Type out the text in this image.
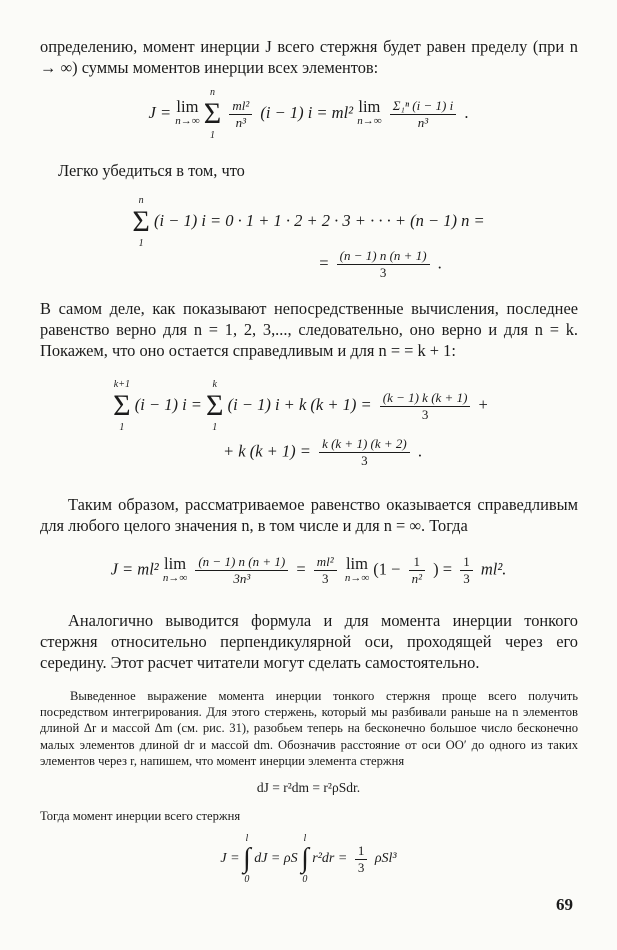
определению, момент инерции J всего стержня будет равен пределу (при n → ∞) суммы моментов инерции всех элементов:
J = lim
n→∞

n
Σ
1

$\frac{\text{ml²}}{\text{n³}} (i - 1) i = ml^2$ lim
n→∞
$\frac{\text{Σ₁ⁿ (i − 1) i}}{\text{n³}}$ .
Легко убедиться в том, что
n
Σ
1
(i − 1) i = 0 · 1 + 1 · 2 + 2 · 3 + · · · + (n − 1) n =
= $\frac{(n - 1) n (n + 1)}{3}$ .
В самом деле, как показывают непосредственные вычисления, последнее равенство верно для n = 1, 2, 3,..., следовательно, оно верно и для n = k. Покажем, что оно остается справедливым и для n = = k + 1:
k+1
Σ
1
(i − 1) i =
k
Σ
1
(i − 1) i + k $(k + 1) = \frac{(k - 1) k (k + 1)}{3}$ +
+ k $(k + 1) = \frac{k (k + 1) (k + 2)}{3}$ .
Таким образом, рассматриваемое равенство оказывается справедливым для любого целого значения n, в том числе и для n = ∞. Тогда
J = ml² lim
n→∞
$\frac{(n - 1) n (n + 1)}{\text{3n³}} = \frac{\text{ml²}}{3}$ lim
n→∞ ($1 - \frac{1}{\text{n²}}$ ) = $\frac{1}{3} ml^2$.
Аналогично выводится формула и для момента инерции тонкого стержня относительно перпендикулярной оси, проходящей через его середину. Этот расчет читатели могут сделать самостоятельно.
Выведенное выражение момента инерции тонкого стержня проще всего получить посредством интегрирования. Для этого стержень, который мы разбивали раньше на n элементов длиной Δr и массой Δm (см. рис. 31), разобьем теперь на бесконечно большое число бесконечно малых элементов длиной dr и массой dm. Обозначив расстояние от оси OO′ до одного из таких элементов через r, напишем, что момент инерции элемента стержня
dJ = r²dm = r²ρSdr.
Тогда момент инерции всего стержня
J =
l
∫
0
dJ = ρS
l
∫
0
$r^2dr = \frac{1}{3} \rho Sl^3$
69
